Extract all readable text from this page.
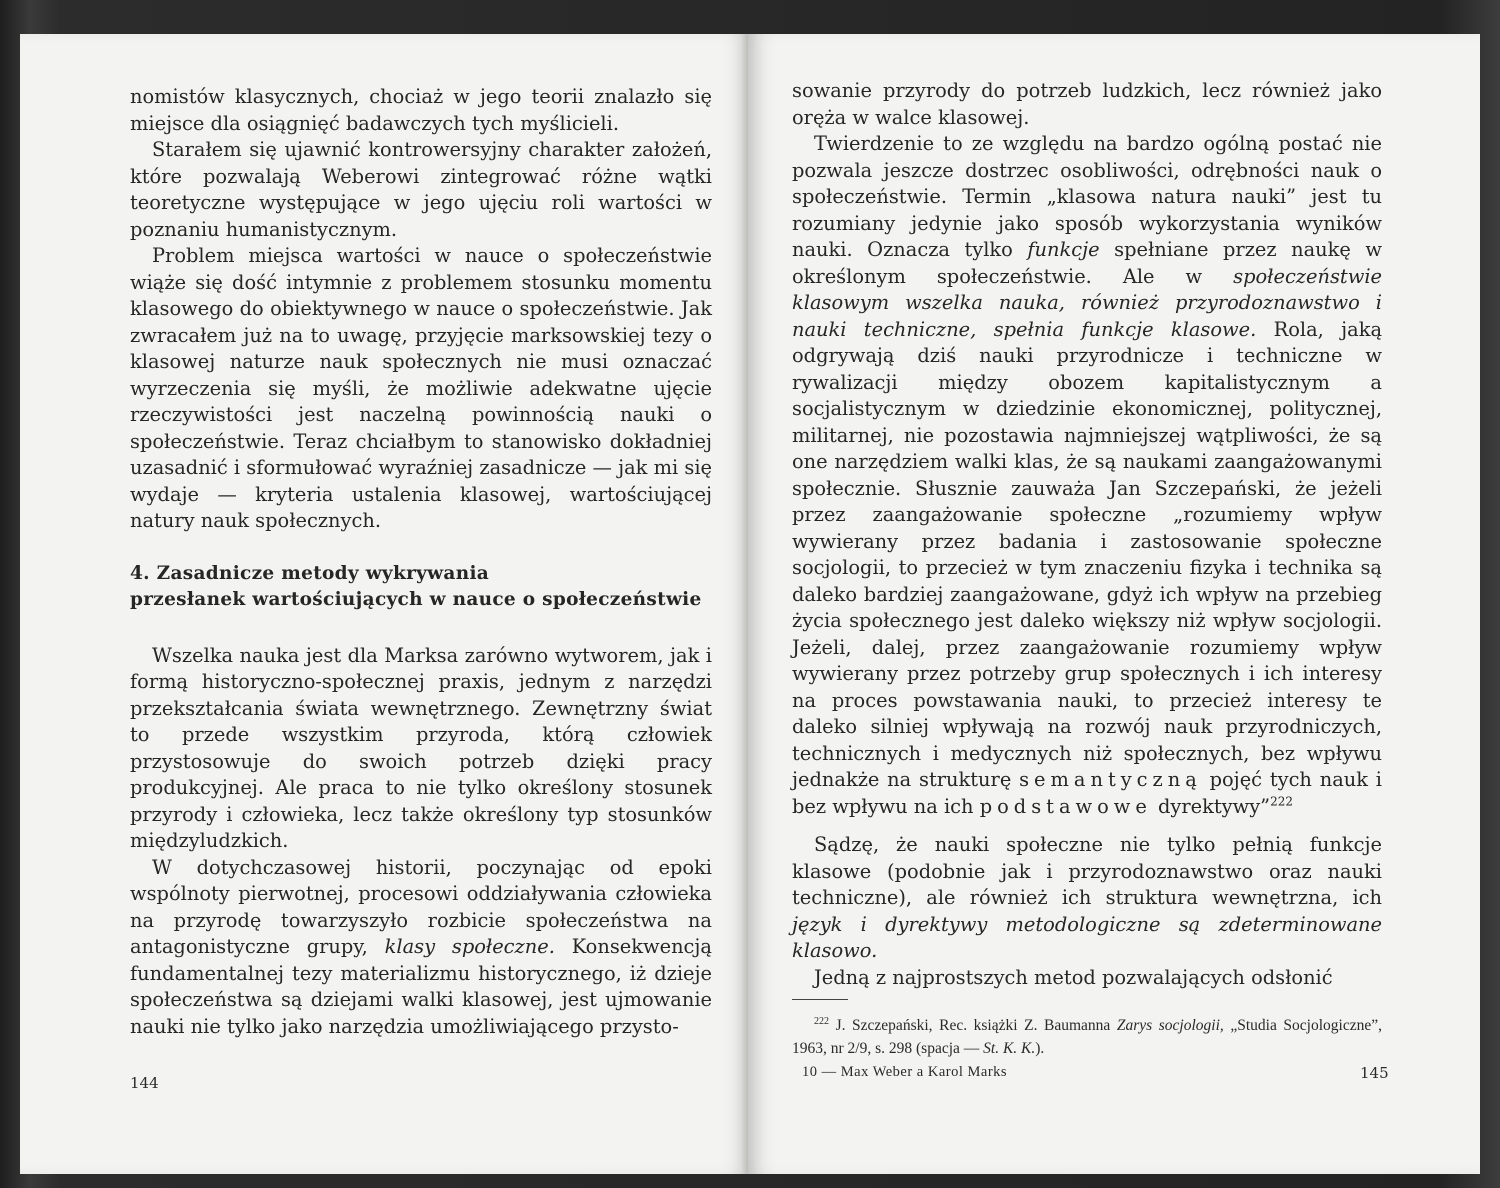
nomistów klasycznych, chociaż w jego teorii znalazło się miejsce dla osiągnięć badawczych tych myślicieli.

Starałem się ujawnić kontrowersyjny charakter założeń, które pozwalają Weberowi zintegrować różne wątki teoretyczne występujące w jego ujęciu roli wartości w poznaniu humanistycznym.

Problem miejsca wartości w nauce o społeczeństwie wiąże się dość intymnie z problemem stosunku momentu klasowego do obiektywnego w nauce o społeczeństwie. Jak zwracałem już na to uwagę, przyjęcie marksowskiej tezy o klasowej naturze nauk społecznych nie musi oznaczać wyrzeczenia się myśli, że możliwie adekwatne ujęcie rzeczywistości jest naczelną powinnością nauki o społeczeństwie. Teraz chciałbym to stanowisko dokładniej uzasadnić i sformułować wyraźniej zasadnicze — jak mi się wydaje — kryteria ustalenia klasowej, wartościującej natury nauk społecznych.

4. Zasadnicze metody wykrywania
przesłanek wartościujących w nauce o społeczeństwie

Wszelka nauka jest dla Marksa zarówno wytworem, jak i formą historyczno-społecznej praxis, jednym z narzędzi przekształcania świata wewnętrznego. Zewnętrzny świat to przede wszystkim przyroda, którą człowiek przystosowuje do swoich potrzeb dzięki pracy produkcyjnej. Ale praca to nie tylko określony stosunek przyrody i człowieka, lecz także określony typ stosunków międzyludzkich.

W dotychczasowej historii, poczynając od epoki wspólnoty pierwotnej, procesowi oddziaływania człowieka na przyrodę towarzyszyło rozbicie społeczeństwa na antagonistyczne grupy, klasy społeczne. Konsekwencją fundamentalnej tezy materializmu historycznego, iż dzieje społeczeństwa są dziejami walki klasowej, jest ujmowanie nauki nie tylko jako narzędzia umożliwiającego przysto-

144

sowanie przyrody do potrzeb ludzkich, lecz również jako oręża w walce klasowej.

Twierdzenie to ze względu na bardzo ogólną postać nie pozwala jeszcze dostrzec osobliwości, odrębności nauk o społeczeństwie. Termin „klasowa natura nauki” jest tu rozumiany jedynie jako sposób wykorzystania wyników nauki. Oznacza tylko funkcje spełniane przez naukę w określonym społeczeństwie. Ale w społeczeństwie klasowym wszelka nauka, również przyrodoznawstwo i nauki techniczne, spełnia funkcje klasowe. Rola, jaką odgrywają dziś nauki przyrodnicze i techniczne w rywalizacji między obozem kapitalistycznym a socjalistycznym w dziedzinie ekonomicznej, politycznej, militarnej, nie pozostawia najmniejszej wątpliwości, że są one narzędziem walki klas, że są naukami zaangażowanymi społecznie. Słusznie zauważa Jan Szczepański, że jeżeli przez zaangażowanie społeczne „rozumiemy wpływ wywierany przez badania i zastosowanie społeczne socjologii, to przecież w tym znaczeniu fizyka i technika są daleko bardziej zaangażowane, gdyż ich wpływ na przebieg życia społecznego jest daleko większy niż wpływ socjologii. Jeżeli, dalej, przez zaangażowanie rozumiemy wpływ wywierany przez potrzeby grup społecznych i ich interesy na proces powstawania nauki, to przecież interesy te daleko silniej wpływają na rozwój nauk przyrodniczych, technicznych i medycznych niż społecznych, bez wpływu jednakże na strukturę semantyczną pojęć tych nauk i bez wpływu na ich podstawowe dyrektywy”$^{222}$

Sądzę, że nauki społeczne nie tylko pełnią funkcje klasowe (podobnie jak i przyrodoznawstwo oraz nauki techniczne), ale również ich struktura wewnętrzna, ich język i dyrektywy metodologiczne są zdeterminowane klasowo.

Jedną z najprostszych metod pozwalających odsłonić

$^{222}$ J. Szczepański, Rec. książki Z. Baumanna Zarys socjologii, „Studia Socjologiczne”, 1963, nr 2/9, s. 298 (spacja — St. K. K.).

10 — Max Weber a Karol Marks	145
